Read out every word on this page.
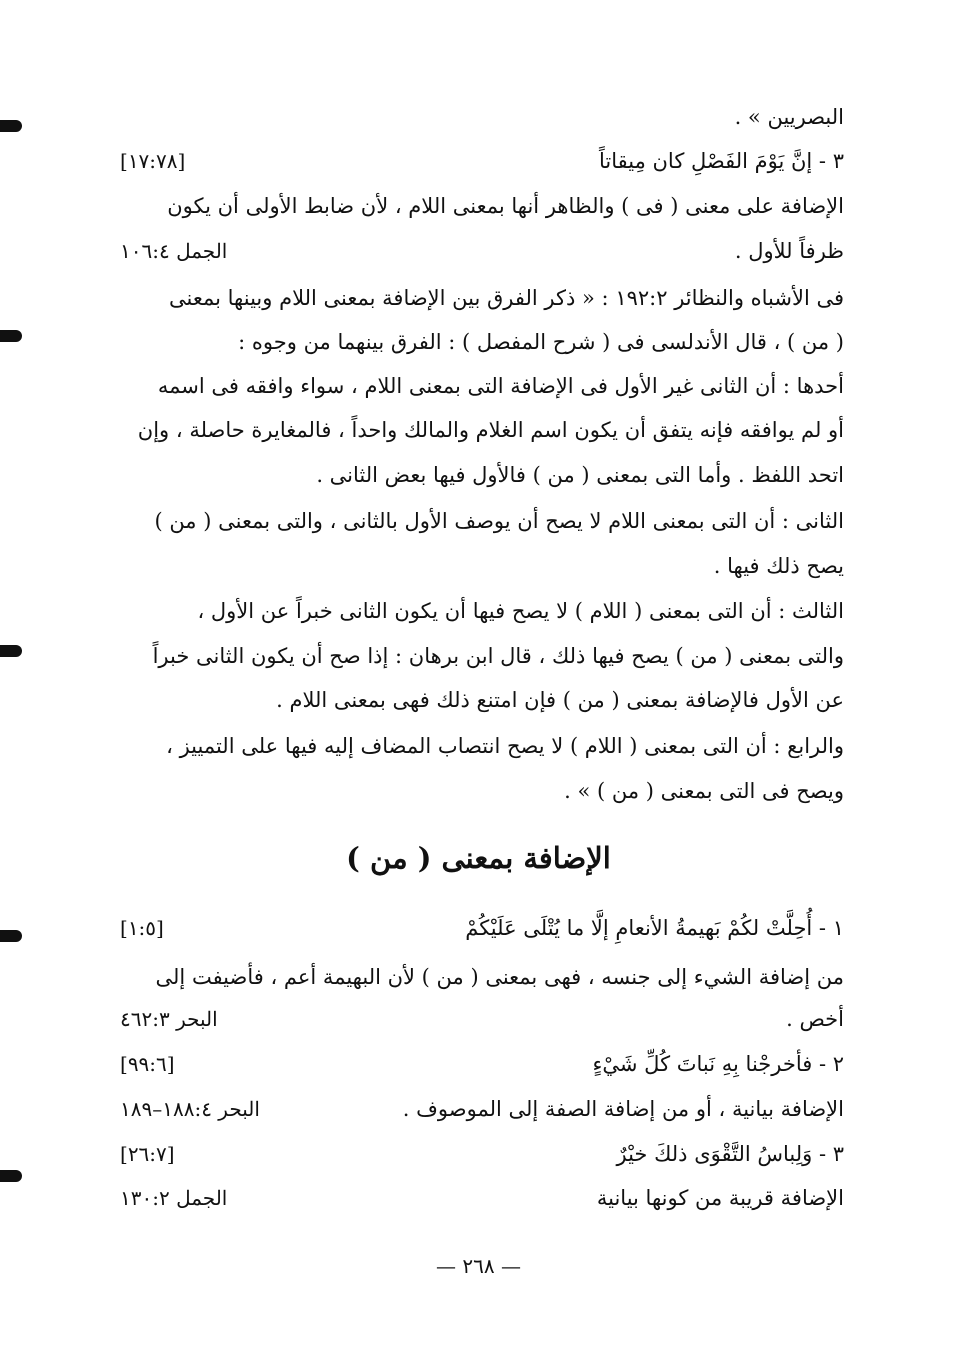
البصريين » .
٣ - إنَّ يَوْمَ الفَصْلِ كان مِيقاتاً
[١٧:٧٨]
الإضافة على معنى ( فى ) والظاهر أنها بمعنى اللام ، لأن ضابط الأولى أن يكون
ظرفاً للأول .
الجمل ١٠٦:٤
فى الأشباه والنظائر ١٩٢:٢ : « ذكر الفرق بين الإضافة بمعنى اللام وبينها بمعنى
( من ) ، قال الأندلسى فى ( شرح المفصل ) : الفرق بينهما من وجوه :
أحدها : أن الثانى غير الأول فى الإضافة التى بمعنى اللام ، سواء وافقه فى اسمه
أو لم يوافقه فإنه يتفق أن يكون اسم الغلام والمالك واحداً ، فالمغايرة حاصلة ، وإن
اتحد اللفظ . وأما التى بمعنى ( من ) فالأول فيها بعض الثانى .
الثانى : أن التى بمعنى اللام لا يصح أن يوصف الأول بالثانى ، والتى بمعنى ( من )
يصح ذلك فيها .
الثالث : أن التى بمعنى ( اللام ) لا يصح فيها أن يكون الثانى خبراً عن الأول ،
والتى بمعنى ( من ) يصح فيها ذلك ، قال ابن برهان : إذا صح أن يكون الثانى خبراً
عن الأول فالإضافة بمعنى ( من ) فإن امتنع ذلك فهى بمعنى اللام .
والرابع : أن التى بمعنى ( اللام ) لا يصح انتصاب المضاف إليه فيها على التمييز ،
ويصح فى التى بمعنى ( من ) » .
الإضافة بمعنى ( من )
١ - أُحِلَّتْ لكُمْ بَهيمةُ الأنعامِ إلَّا ما يُتْلَى عَلَيْكُمْ
[١:٥]
من إضافة الشيء إلى جنسه ، فهى بمعنى ( من ) لأن البهيمة أعم ، فأضيفت إلى
أخص .
البحر ٤٦٢:٣
٢ - فأخرجْنا بِهِ نَباتَ كُلِّ شَيْءٍ
[٩٩:٦]
الإضافة بيانية ، أو من إضافة الصفة إلى الموصوف .
البحر ١٨٨:٤–١٨٩
٣ - وَلِباسُ التَّقْوَى ذلكَ خيْرٌ
[٢٦:٧]
الإضافة قريبة من كونها بيانية
الجمل ١٣٠:٢
— ٢٦٨ —
